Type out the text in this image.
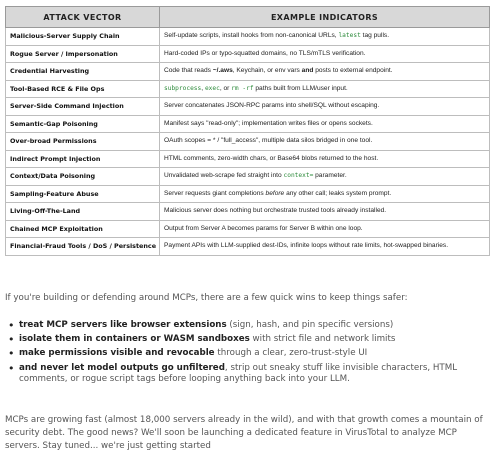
ATTACK VECTOR	EXAMPLE INDICATORS
Malicious-Server Supply Chain	Self-update scripts, install hooks from non-canonical URLs, latest tag pulls.
Rogue Server / Impersonation	Hard-coded IPs or typo-squatted domains, no TLS/mTLS verification.
Credential Harvesting	Code that reads ~/.aws, Keychain, or env vars and posts to external endpoint.
Tool-Based RCE & File Ops	subprocess, exec, or rm -rf paths built from LLM/user input.
Server-Side Command Injection	Server concatenates JSON-RPC params into shell/SQL without escaping.
Semantic-Gap Poisoning	Manifest says "read-only"; implementation writes files or opens sockets.
Over-broad Permissions	OAuth scopes = * / "full_access", multiple data silos bridged in one tool.
Indirect Prompt Injection	HTML comments, zero-width chars, or Base64 blobs returned to the host.
Context/Data Poisoning	Unvalidated web-scrape fed straight into context= parameter.
Sampling-Feature Abuse	Server requests giant completions before any other call; leaks system prompt.
Living-Off-The-Land	Malicious server does nothing but orchestrate trusted tools already installed.
Chained MCP Exploitation	Output from Server A becomes params for Server B within one loop.
Financial-Fraud Tools / DoS / Persistence	Payment APIs with LLM-supplied dest-IDs, infinite loops without rate limits, hot-swapped binaries.

If you're building or defending around MCPs, there are a few quick wins to keep things safer:

• treat MCP servers like browser extensions (sign, hash, and pin specific versions)
• isolate them in containers or WASM sandboxes with strict file and network limits
• make permissions visible and revocable through a clear, zero-trust-style UI
• and never let model outputs go unfiltered, strip out sneaky stuff like invisible characters, HTML comments, or rogue script tags before looping anything back into your LLM.

MCPs are growing fast (almost 18,000 servers already in the wild), and with that growth comes a mountain of security debt. The good news? We'll soon be launching a dedicated feature in VirusTotal to analyze MCP servers. Stay tuned... we're just getting started
